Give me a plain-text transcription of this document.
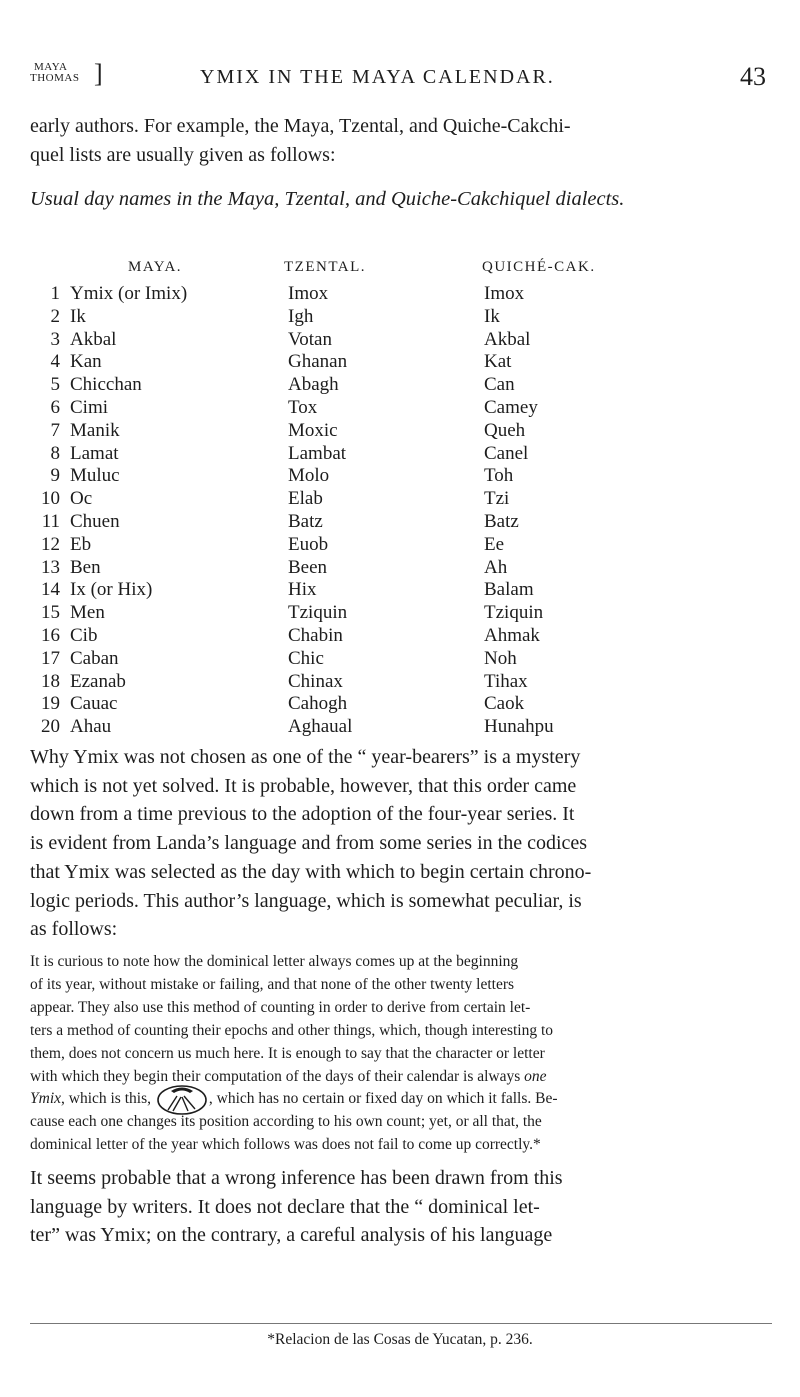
MAYA
THOMAS ]	YMIX IN THE MAYA CALENDAR.	43
early authors. For example, the Maya, Tzental, and Quiche-Cakchi-
quel lists are usually given as follows:
Usual day names in the Maya, Tzental, and Quiche-Cakchiquel dialects.
MAYA.	TZENTAL.	QUICHÉ-CAK.
1 Ymix (or Imix)	Imox	Imox
2 Ik	Igh	Ik
3 Akbal	Votan	Akbal
4 Kan	Ghanan	Kat
5 Chicchan	Abagh	Can
6 Cimi	Tox	Camey
7 Manik	Moxic	Queh
8 Lamat	Lambat	Canel
9 Muluc	Molo	Toh
10 Oc	Elab	Tzi
11 Chuen	Batz	Batz
12 Eb	Euob	Ee
13 Ben	Been	Ah
14 Ix (or Hix)	Hix	Balam
15 Men	Tziquin	Tziquin
16 Cib	Chabin	Ahmak
17 Caban	Chic	Noh
18 Ezanab	Chinax	Tihax
19 Cauac	Cahogh	Caok
20 Ahau	Aghaual	Hunahpu
Why Ymix was not chosen as one of the “ year-bearers” is a mystery
which is not yet solved. It is probable, however, that this order came
down from a time previous to the adoption of the four-year series. It
is evident from Landa’s language and from some series in the codices
that Ymix was selected as the day with which to begin certain chrono-
logic periods. This author’s language, which is somewhat peculiar, is
as follows:
It is curious to note how the dominical letter always comes up at the beginning
of its year, without mistake or failing, and that none of the other twenty letters
appear. They also use this method of counting in order to derive from certain let-
ters a method of counting their epochs and other things, which, though interesting to
them, does not concern us much here. It is enough to say that the character or letter
with which they begin their computation of the days of their calendar is always one
Ymix, which is this,	, which has no certain or fixed day on which it falls. Be-
cause each one changes its position according to his own count; yet, or all that, the
dominical letter of the year which follows was does not fail to come up correctly.*
It seems probable that a wrong inference has been drawn from this
language by writers. It does not declare that the “ dominical let-
ter” was Ymix; on the contrary, a careful analysis of his language
*Relacion de las Cosas de Yucatan, p. 236.
